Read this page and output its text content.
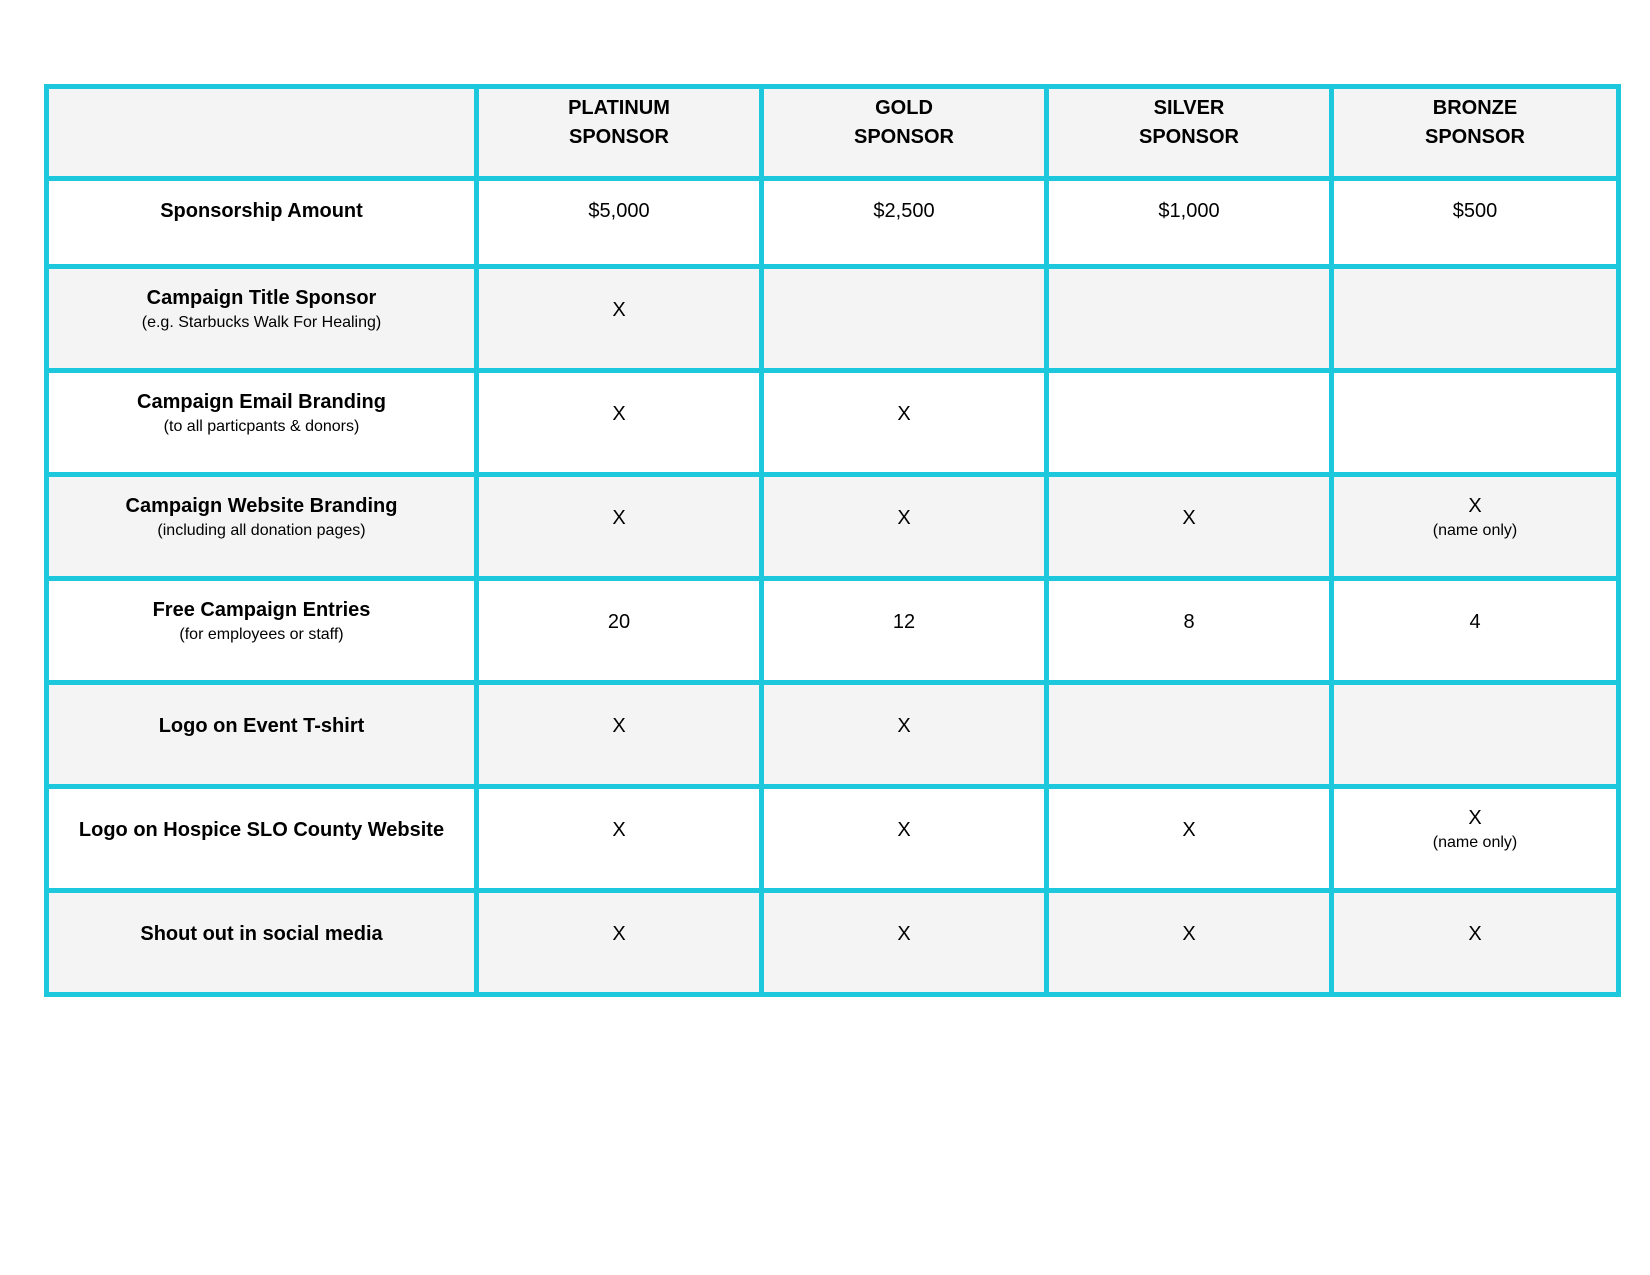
	PLATINUM
SPONSOR	GOLD
SPONSOR	SILVER
SPONSOR	BRONZE
SPONSOR

Sponsorship Amount	$5,000	$2,500	$1,000	$500

Campaign Title Sponsor
(e.g. Starbucks Walk For Healing)	X			

Campaign Email Branding
(to all particpants & donors)	X	X		

Campaign Website Branding
(including all donation pages)	X	X	X	X
(name only)

Free Campaign Entries
(for employees or staff)	20	12	8	4

Logo on Event T-shirt	X	X		

Logo on Hospice SLO County Website	X	X	X	X
(name only)

Shout out in social media	X	X	X	X
